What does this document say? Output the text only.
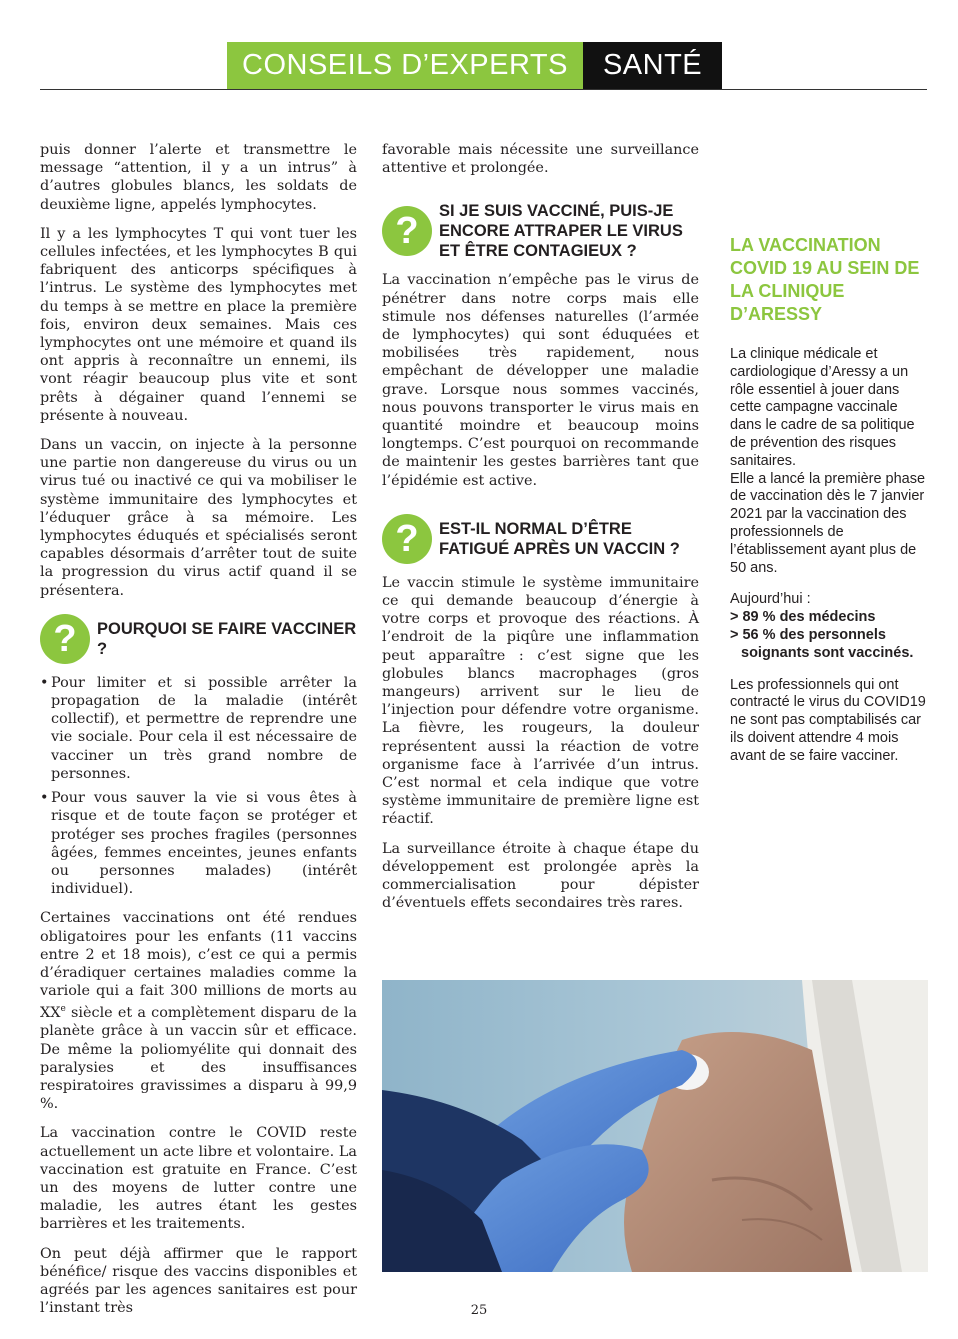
CONSEILS D’EXPERTS	SANTÉ

puis donner l’alerte et transmettre le message “attention, il y a un intrus” à d’autres globules blancs, les soldats de deuxième ligne, appelés lymphocytes.

Il y a les lymphocytes T qui vont tuer les cellules infectées, et les lymphocytes B qui fabriquent des anticorps spécifiques à l’intrus. Le système des lymphocytes met du temps à se mettre en place la première fois, environ deux semaines. Mais ces lymphocytes ont une mémoire et quand ils ont appris à reconnaître un ennemi, ils vont réagir beaucoup plus vite et sont prêts à dégainer quand l’ennemi se présente à nouveau.

Dans un vaccin, on injecte à la personne une partie non dangereuse du virus ou un virus tué ou inactivé ce qui va mobiliser le système immunitaire des lymphocytes et l’éduquer grâce à sa mémoire. Les lymphocytes éduqués et spécialisés seront capables désormais d’arrêter tout de suite la progression du virus actif quand il se présentera.

?	POURQUOI SE FAIRE VACCINER ?
• Pour limiter et si possible arrêter la propagation de la maladie (intérêt collectif), et permettre de reprendre une vie sociale. Pour cela il est nécessaire de vacciner un très grand nombre de personnes.
• Pour vous sauver la vie si vous êtes à risque et de toute façon se protéger et protéger ses proches fragiles (personnes âgées, femmes enceintes, jeunes enfants ou personnes malades) (intérêt individuel).

Certaines vaccinations ont été rendues obligatoires pour les enfants (11 vaccins entre 2 et 18 mois), c’est ce qui a permis d’éradiquer certaines maladies comme la variole qui a fait 300 millions de morts au XXe siècle et a complètement disparu de la planète grâce à un vaccin sûr et efficace. De même la poliomyélite qui donnait des paralysies et des insuffisances respiratoires gravissimes a disparu à 99,9 %.

La vaccination contre le COVID reste actuellement un acte libre et volontaire. La vaccination est gratuite en France. C’est un des moyens de lutter contre une maladie, les autres étant les gestes barrières et les traitements.

On peut déjà affirmer que le rapport bénéfice/ risque des vaccins disponibles et agréés par les agences sanitaires est pour l’instant très

favorable mais nécessite une surveillance attentive et prolongée.

?	SI JE SUIS VACCINÉ, PUIS-JE ENCORE ATTRAPER LE VIRUS ET ÊTRE CONTAGIEUX ?

La vaccination n’empêche pas le virus de pénétrer dans notre corps mais elle stimule nos défenses naturelles (l’armée de lymphocytes) qui sont éduquées et mobilisées très rapidement, nous empêchant de développer une maladie grave. Lorsque nous sommes vaccinés, nous pouvons transporter le virus mais en quantité moindre et beaucoup moins longtemps. C’est pourquoi on recommande de maintenir les gestes barrières tant que l’épidémie est active.

?	EST-IL NORMAL D’ÊTRE FATIGUÉ APRÈS UN VACCIN ?

Le vaccin stimule le système immunitaire ce qui demande beaucoup d’énergie à votre corps et provoque des réactions. À l’endroit de la piqûre une inflammation peut apparaître : c’est signe que les globules blancs macrophages (gros mangeurs) arrivent sur le lieu de l’injection pour défendre votre organisme. La fièvre, les rougeurs, la douleur représentent aussi la réaction de votre organisme face à l’arrivée d’un intrus. C’est normal et cela indique que votre système immunitaire de première ligne est réactif.

La surveillance étroite à chaque étape du développement est prolongée après la commercialisation pour dépister d’éventuels effets secondaires très rares.

LA VACCINATION COVID 19 AU SEIN DE LA CLINIQUE D’ARESSY

La clinique médicale et cardiologique d’Aressy a un rôle essentiel à jouer dans cette campagne vaccinale dans le cadre de sa politique de prévention des risques sanitaires.

Elle a lancé la première phase de vaccination dès le 7 janvier 2021 par la vaccination des professionnels de l’établissement ayant plus de 50 ans.

Aujourd’hui :
> 89 % des médecins
> 56 % des personnels soignants sont vaccinés.

Les professionnels qui ont contracté le virus du COVID19 ne sont pas comptabilisés car ils doivent attendre 4 mois avant de se faire vacciner.

25
